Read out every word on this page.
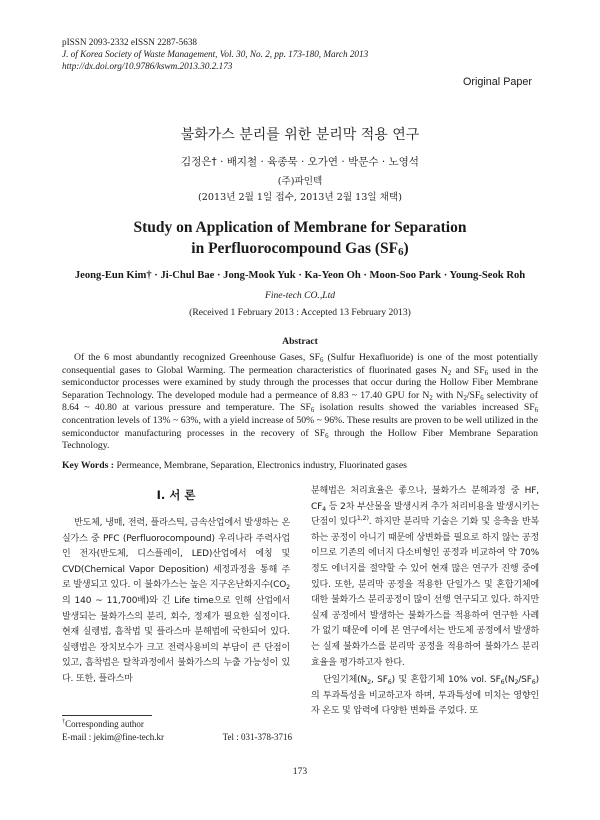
pISSN 2093-2332 eISSN 2287-5638
J. of Korea Society of Waste Management, Vol. 30, No. 2, pp. 173-180, March 2013
http://dx.doi.org/10.9786/kswm.2013.30.2.173
Original Paper
불화가스 분리를 위한 분리막 적용 연구
김정은† · 배지철 · 육종묵 · 오가연 · 박문수 · 노영석
(주)파인텍
(2013년 2월 1일 접수, 2013년 2월 13일 채택)
Study on Application of Membrane for Separation
in Perfluorocompound Gas $(SF_6)$
Jeong-Eun Kim† · Ji-Chul Bae · Jong-Mook Yuk · Ka-Yeon Oh · Moon-Soo Park · Young-Seok Roh
Fine-tech CO.,Ltd
(Received 1 February 2013 : Accepted 13 February 2013)
Abstract
Of the 6 most abundantly recognized Greenhouse Gases, $SF_6$ (Sulfur Hexafluoride) is one of the most potentially consequential gases to Global Warming. The permeation characteristics of fluorinated gases $N_2$ and $SF_6$ used in the semiconductor processes were examined by study through the processes that occur during the Hollow Fiber Membrane Separation Technology. The developed module had a permeance of 8.83 ~ 17.40 GPU for $N_2$ with $N_2/SF_6$ selectivity of 8.64 ~ 40.80 at various pressure and temperature. The $SF_6$ isolation results showed the variables increased $SF_6$ concentration levels of 13% ~ 63%, with a yield increase of 50% ~ 96%. These results are proven to be well utilized in the semiconductor manufacturing processes in the recovery of $SF_6$ through the Hollow Fiber Membrane Separation Technology.
Key Words : Permeance, Membrane, Separation, Electronics industry, Fluorinated gases
I. 서 론

반도체, 냉매, 전력, 플라스틱, 금속산업에서 발생하는 온실가스 중 PFC (Perfluorocompound) 우리나라 주력사업인 전자(반도체, 디스플레이, LED)산업에서 에칭 및 CVD(Chemical Vapor Deposition) 세정과정을 통해 주로 발생되고 있다. 이 불화가스는 높은 지구온난화지수($CO_2$의 140 ~ 11,700배)와 긴 Life time으로 인해 산업에서 발생되는 불화가스의 분리, 회수, 정제가 필요한 실정이다. 현재 실렝법, 흡착법 및 플라스마 분해법에 국한되어 있다. 실렝법은 장치보수가 크고 전력사용비의 부담이 큰 단점이 있고, 흡착법은 탈착과정에서 불화가스의 누출 가능성이 있다. 또한, 플라스마

분해법은 처리효율은 좋으나, 불화가스 분해과정 중 HF, $CF_4$ 등 2차 부산물을 발생시켜 추가 처리비용을 발생시키는 단점이 있다$^{1,2)}$. 하지만 분리막 기술은 기화 및 응축을 반복하는 공정이 아니기 때문에 상변화를 필요로 하지 않는 공정이므로 기존의 에너지 다소비형인 공정과 비교하여 약 70% 정도 에너지를 절약할 수 있어 현재 많은 연구가 진행 중에 있다. 또한, 분리막 공정을 적용한 단일가스 및 혼합기체에 대한 불화가스 분리공정이 많이 선행 연구되고 있다. 하지만 실제 공정에서 발생하는 불화가스를 적용하여 연구한 사례가 없기 때문에 이에 본 연구에서는 반도체 공정에서 발생하는 실제 불화가스를 분리막 공정을 적용하여 불화가스 분리효율을 평가하고자 한다.

단일기체($N_2$, $SF_6$) 및 혼합기체 10% vol. $SF_6(N_2/SF_6)$의 투과특성을 비교하고자 하며, 투과특성에 미치는 영향인자 온도 및 압력에 다양한 변화를 주었다. 또

†Corresponding author
E-mail : jekim@fine-tech.kr	Tel : 031-378-3716
173
